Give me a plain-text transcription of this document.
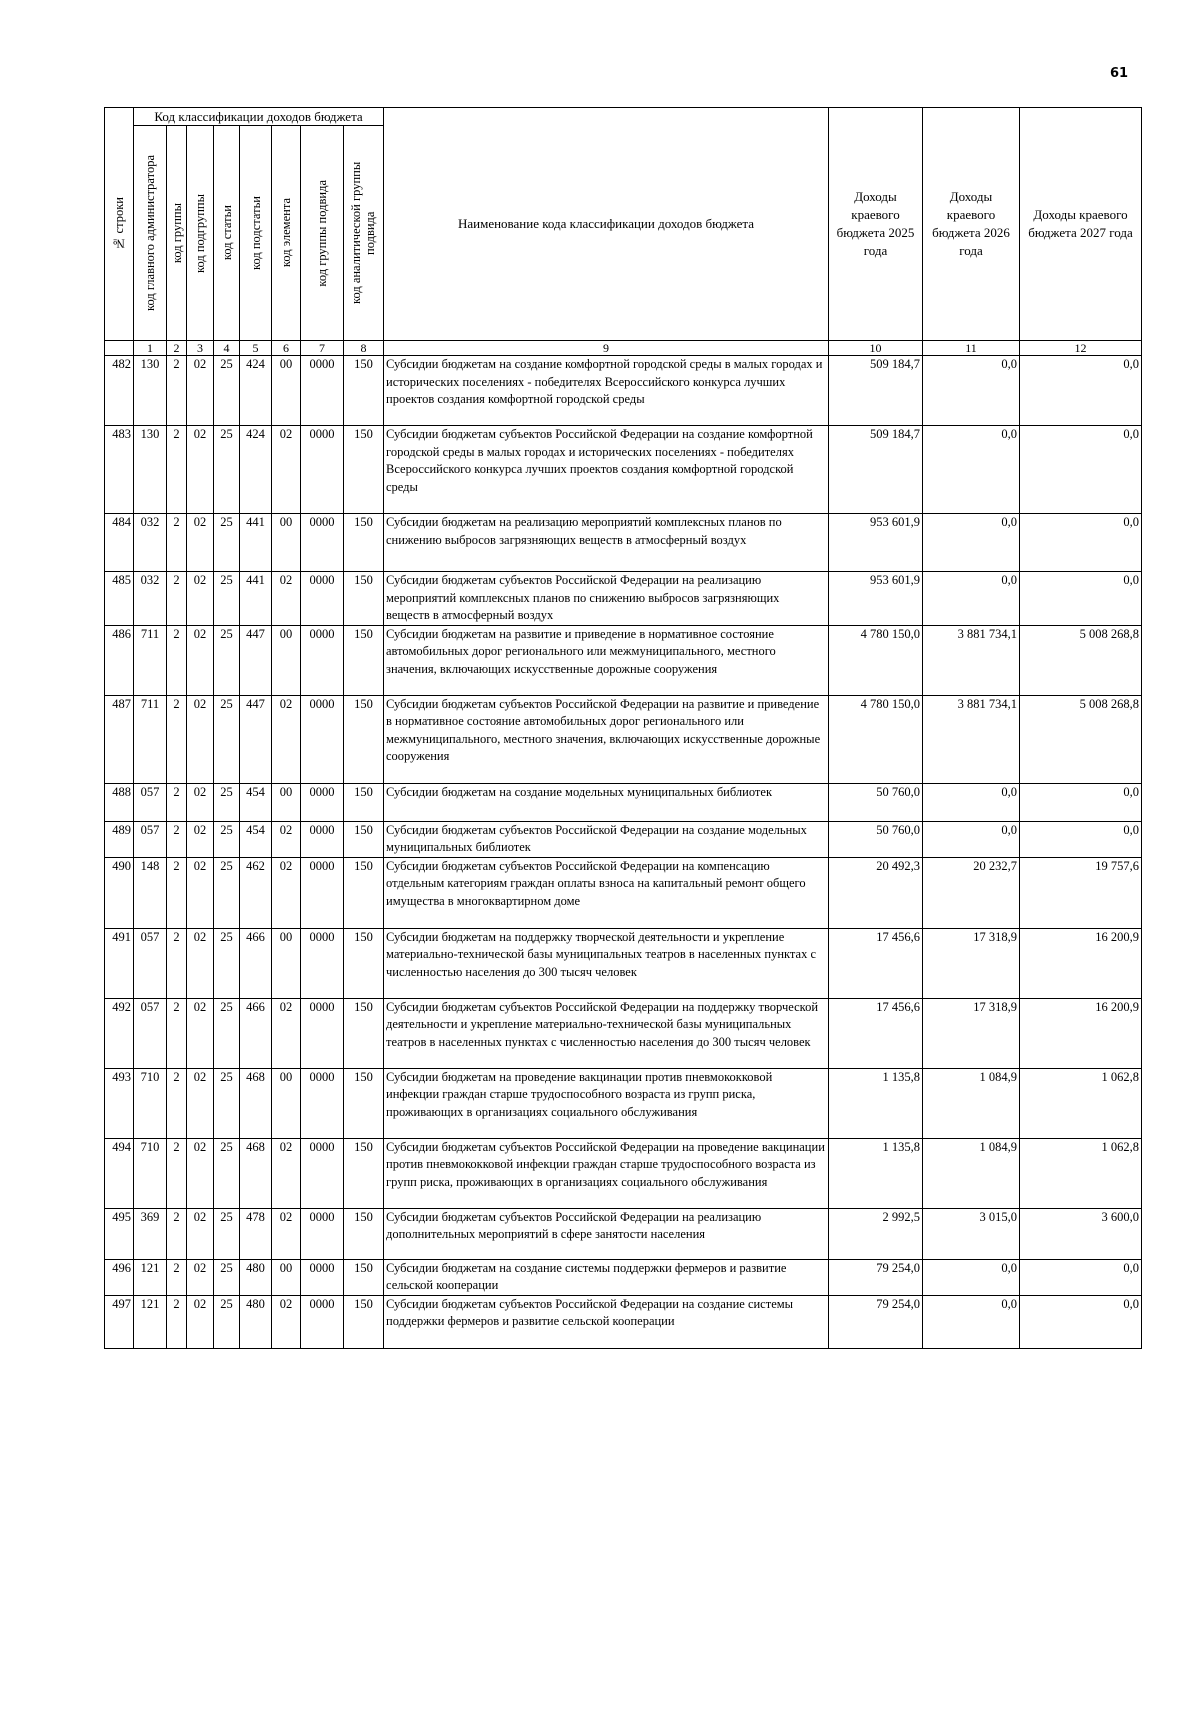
61
№ строки	Код классификации доходов бюджета								Наименование кода классификации доходов бюджета	Доходы краевого бюджета 2025 года	Доходы краевого бюджета 2026 года	Доходы краевого бюджета 2027 года

	код главного администратора	код группы	код подгруппы	код статьи	код подстатьи	код элемента	код группы подвида	код аналитической группы подвида				

	1	2	3	4	5	6	7	8	9	10	11	12
482	130	2	02	25	424	00	0000	150	Субсидии бюджетам на создание комфортной городской среды в малых городах и исторических поселениях - победителях Всероссийского конкурса лучших проектов создания комфортной городской среды	509 184,7	0,0	0,0
483	130	2	02	25	424	02	0000	150	Субсидии бюджетам субъектов Российской Федерации на создание комфортной городской среды в малых городах и исторических поселениях - победителях Всероссийского конкурса лучших проектов создания комфортной городской среды	509 184,7	0,0	0,0
484	032	2	02	25	441	00	0000	150	Субсидии бюджетам на реализацию мероприятий комплексных планов по снижению выбросов загрязняющих веществ в атмосферный воздух	953 601,9	0,0	0,0
485	032	2	02	25	441	02	0000	150	Субсидии бюджетам субъектов Российской Федерации на реализацию мероприятий комплексных планов по снижению выбросов загрязняющих веществ в атмосферный воздух	953 601,9	0,0	0,0
486	711	2	02	25	447	00	0000	150	Субсидии бюджетам на развитие и приведение в нормативное состояние автомобильных дорог регионального или межмуниципального, местного значения, включающих искусственные дорожные сооружения	4 780 150,0	3 881 734,1	5 008 268,8
487	711	2	02	25	447	02	0000	150	Субсидии бюджетам субъектов Российской Федерации на развитие и приведение в нормативное состояние автомобильных дорог регионального или межмуниципального, местного значения, включающих искусственные дорожные сооружения	4 780 150,0	3 881 734,1	5 008 268,8
488	057	2	02	25	454	00	0000	150	Субсидии бюджетам на создание модельных муниципальных библиотек	50 760,0	0,0	0,0
489	057	2	02	25	454	02	0000	150	Субсидии бюджетам субъектов Российской Федерации на создание модельных муниципальных библиотек	50 760,0	0,0	0,0
490	148	2	02	25	462	02	0000	150	Субсидии бюджетам субъектов Российской Федерации на компенсацию отдельным категориям граждан оплаты взноса на капитальный ремонт общего имущества в многоквартирном доме	20 492,3	20 232,7	19 757,6
491	057	2	02	25	466	00	0000	150	Субсидии бюджетам на поддержку творческой деятельности и укрепление материально-технической базы муниципальных театров в населенных пунктах с численностью населения до 300 тысяч человек	17 456,6	17 318,9	16 200,9
492	057	2	02	25	466	02	0000	150	Субсидии бюджетам субъектов Российской Федерации на поддержку творческой деятельности и укрепление материально-технической базы муниципальных театров в населенных пунктах с численностью населения до 300 тысяч человек	17 456,6	17 318,9	16 200,9
493	710	2	02	25	468	00	0000	150	Субсидии бюджетам на проведение вакцинации против пневмококковой инфекции граждан старше трудоспособного возраста из групп риска, проживающих в организациях социального обслуживания	1 135,8	1 084,9	1 062,8
494	710	2	02	25	468	02	0000	150	Субсидии бюджетам субъектов Российской Федерации на проведение вакцинации против пневмококковой инфекции граждан старше трудоспособного возраста из групп риска, проживающих в организациях социального обслуживания	1 135,8	1 084,9	1 062,8
495	369	2	02	25	478	02	0000	150	Субсидии бюджетам субъектов Российской Федерации на реализацию дополнительных мероприятий в сфере занятости населения	2 992,5	3 015,0	3 600,0
496	121	2	02	25	480	00	0000	150	Субсидии бюджетам на создание системы поддержки фермеров и развитие сельской кооперации	79 254,0	0,0	0,0
497	121	2	02	25	480	02	0000	150	Субсидии бюджетам субъектов Российской Федерации на создание системы поддержки фермеров и развитие сельской кооперации	79 254,0	0,0	0,0
